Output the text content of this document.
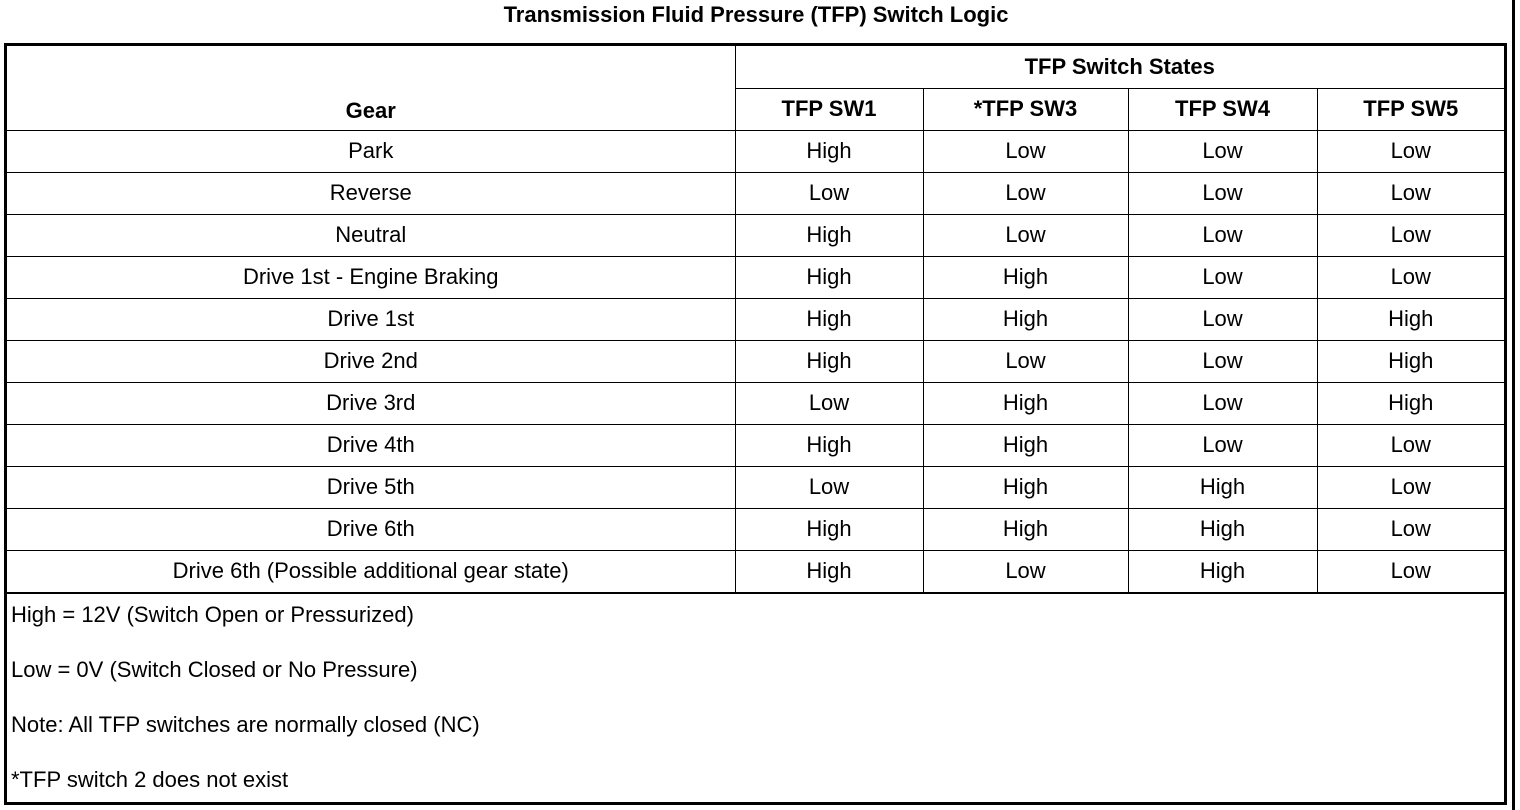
Transmission Fluid Pressure (TFP) Switch Logic
Gear	TFP Switch States			
	TFP SW1	*TFP SW3	TFP SW4	TFP SW5
Park	High	Low	Low	Low
Reverse	Low	Low	Low	Low
Neutral	High	Low	Low	Low
Drive 1st - Engine Braking	High	High	Low	Low
Drive 1st	High	High	Low	High
Drive 2nd	High	Low	Low	High
Drive 3rd	Low	High	Low	High
Drive 4th	High	High	Low	Low
Drive 5th	Low	High	High	Low
Drive 6th	High	High	High	Low
Drive 6th (Possible additional gear state)	High	Low	High	Low
High = 12V (Switch Open or Pressurized)
Low = 0V (Switch Closed or No Pressure)
Note: All TFP switches are normally closed (NC)
*TFP switch 2 does not exist
